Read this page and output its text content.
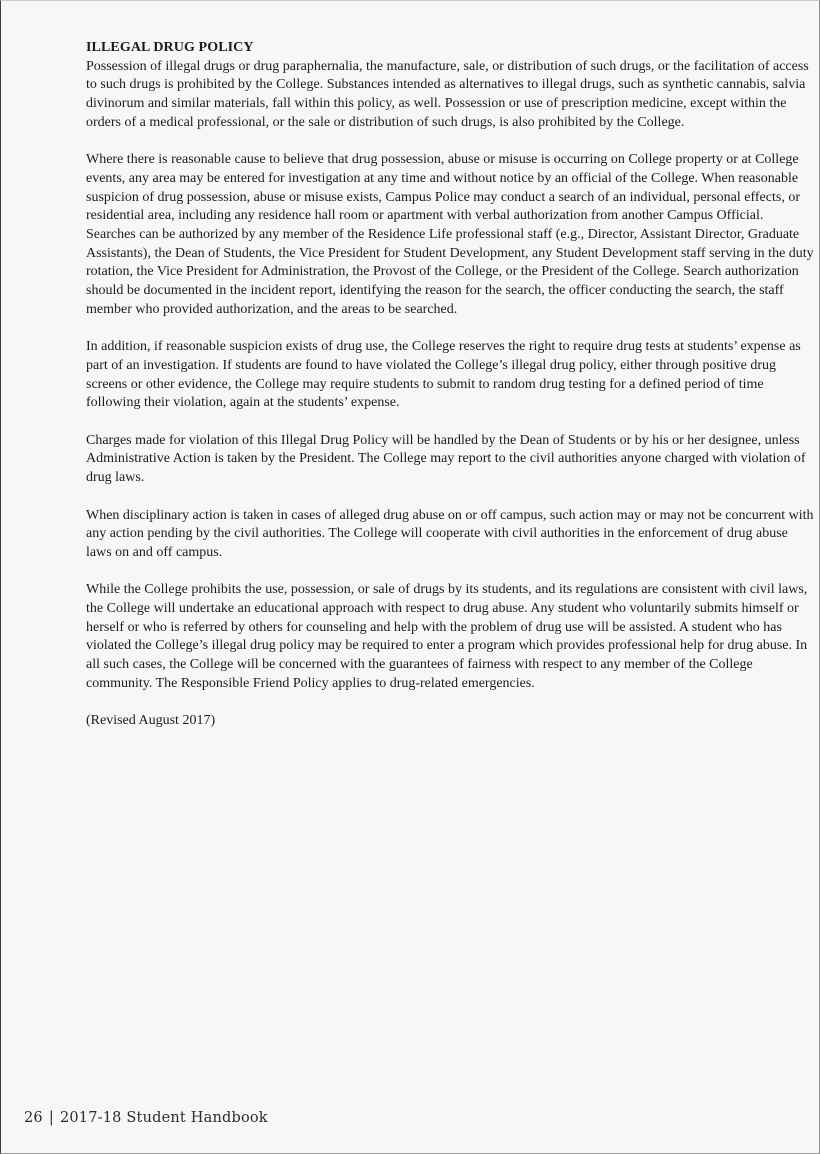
ILLEGAL DRUG POLICY

Possession of illegal drugs or drug paraphernalia, the manufacture, sale, or distribution of such drugs, or the facilitation of access to such drugs is prohibited by the College. Substances intended as alternatives to illegal drugs, such as synthetic cannabis, salvia divinorum and similar materials, fall within this policy, as well. Possession or use of prescription medicine, except within the orders of a medical professional, or the sale or distribution of such drugs, is also prohibited by the College.

Where there is reasonable cause to believe that drug possession, abuse or misuse is occurring on College property or at College events, any area may be entered for investigation at any time and without notice by an official of the College. When reasonable suspicion of drug possession, abuse or misuse exists, Campus Police may conduct a search of an individual, personal effects, or residential area, including any residence hall room or apartment with verbal authorization from another Campus Official. Searches can be authorized by any member of the Residence Life professional staff (e.g., Director, Assistant Director, Graduate Assistants), the Dean of Students, the Vice President for Student Development, any Student Development staff serving in the duty rotation, the Vice President for Administration, the Provost of the College, or the President of the College. Search authorization should be documented in the incident report, identifying the reason for the search, the officer conducting the search, the staff member who provided authorization, and the areas to be searched.

In addition, if reasonable suspicion exists of drug use, the College reserves the right to require drug tests at students’ expense as part of an investigation. If students are found to have violated the College’s illegal drug policy, either through positive drug screens or other evidence, the College may require students to submit to random drug testing for a defined period of time following their violation, again at the students’ expense.

Charges made for violation of this Illegal Drug Policy will be handled by the Dean of Students or by his or her designee, unless Administrative Action is taken by the President. The College may report to the civil authorities anyone charged with violation of drug laws.

When disciplinary action is taken in cases of alleged drug abuse on or off campus, such action may or may not be concurrent with any action pending by the civil authorities. The College will cooperate with civil authorities in the enforcement of drug abuse laws on and off campus.

While the College prohibits the use, possession, or sale of drugs by its students, and its regulations are consistent with civil laws, the College will undertake an educational approach with respect to drug abuse. Any student who voluntarily submits himself or herself or who is referred by others for counseling and help with the problem of drug use will be assisted. A student who has violated the College’s illegal drug policy may be required to enter a program which provides professional help for drug abuse. In all such cases, the College will be concerned with the guarantees of fairness with respect to any member of the College community. The Responsible Friend Policy applies to drug-related emergencies.

(Revised August 2017)

26 | 2017-18 Student Handbook
